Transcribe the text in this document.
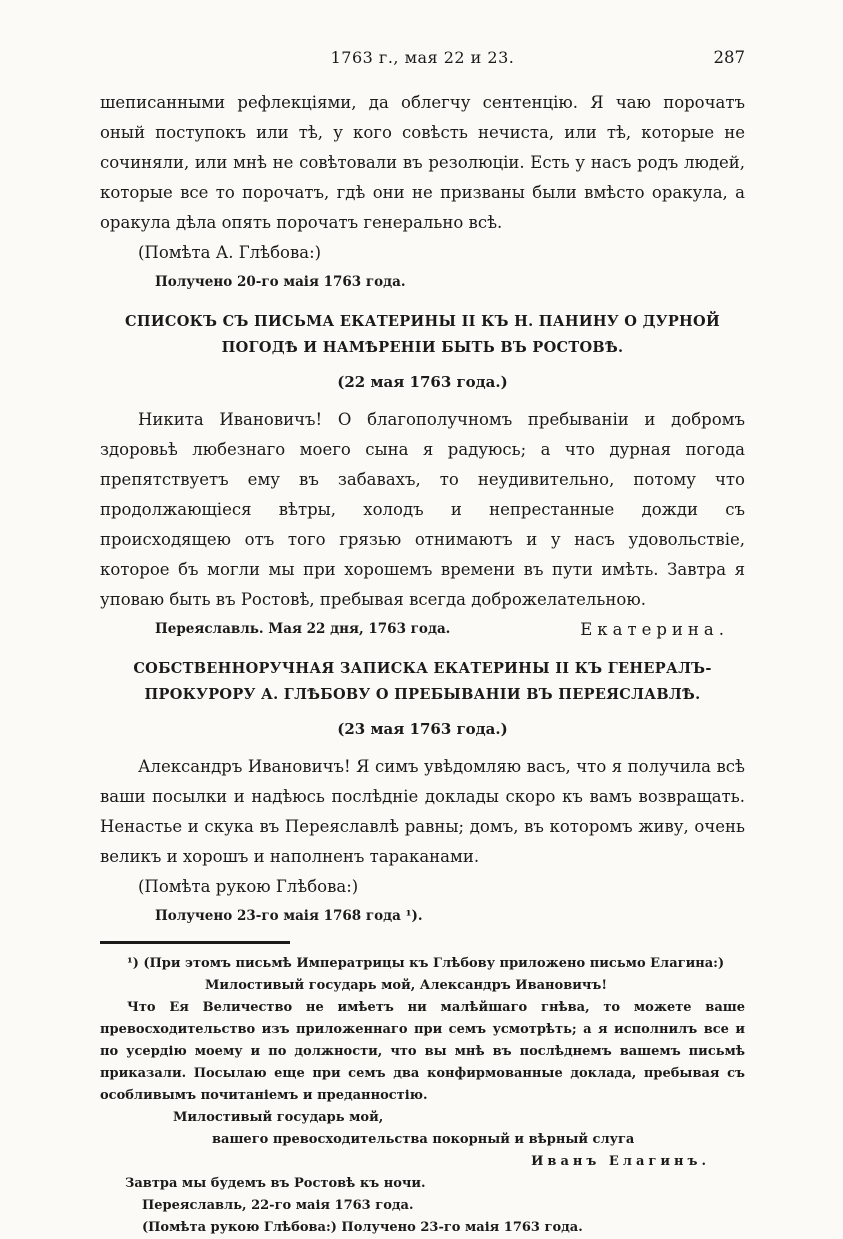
1763 г., мая 22 и 23.	287

шеписанными рефлекціями, да облегчу сентенцію. Я чаю порочатъ оный поступокъ или тѣ, у кого совѣсть нечиста, или тѣ, которые не сочиняли, или мнѣ не совѣтовали въ резолюціи. Есть у насъ родъ людей, которые все то порочатъ, гдѣ они не призваны были вмѣсто оракула, а оракула дѣла опять порочатъ генерально всѣ.

(Помѣта А. Глѣбова:)

Получено 20-го маія 1763 года.

СПИСОКЪ СЪ ПИСЬМА ЕКАТЕРИНЫ II КЪ Н. ПАНИНУ О ДУРНОЙ ПОГОДѢ И НАМѢРЕНІИ БЫТЬ ВЪ РОСТОВѢ.

(22 мая 1763 года.)

Никита Ивановичъ! О благополучномъ пребываніи и добромъ здоровьѣ любезнаго моего сына я радуюсь; а что дурная погода препятствуетъ ему въ забавахъ, то неудивительно, потому что продолжающіеся вѣтры, холодъ и непрестанные дожди съ происходящею отъ того грязью отнимаютъ и у насъ удовольствіе, которое бъ могли мы при хорошемъ времени въ пути имѣть. Завтра я уповаю быть въ Ростовѣ, пребывая всегда доброжелательною.
Екатерина.

Переяславль. Мая 22 дня, 1763 года.

СОБСТВЕННОРУЧНАЯ ЗАПИСКА ЕКАТЕРИНЫ II КЪ ГЕНЕРАЛЪ-ПРОКУРОРУ А. ГЛѢБОВУ О ПРЕБЫВАНІИ ВЪ ПЕРЕЯСЛАВЛѢ.

(23 мая 1763 года.)

Александръ Ивановичъ! Я симъ увѣдомляю васъ, что я получила всѣ ваши посылки и надѣюсь послѣдніе доклады скоро къ вамъ возвращать. Ненастье и скука въ Переяславлѣ равны; домъ, въ которомъ живу, очень великъ и хорошъ и наполненъ тараканами.

(Помѣта рукою Глѣбова:)

Получено 23-го маія 1768 года ¹).

¹) (При этомъ письмѣ Императрицы къ Глѣбову приложено письмо Елагина:)

Милостивый государь мой, Александръ Ивановичъ!

Что Ея Величество не имѣетъ ни малѣйшаго гнѣва, то можете ваше превосходительство изъ приложеннаго при семъ усмотрѣть; а я исполнилъ все и по усердію моему и по должности, что вы мнѣ въ послѣднемъ вашемъ письмѣ приказали. Посылаю еще при семъ два конфирмованные доклада, пребывая съ особливымъ почитаніемъ и преданностію.

Милостивый государь мой,

вашего превосходительства покорный и вѣрный слуга

Иванъ Елагинъ.

Завтра мы будемъ въ Ростовѣ къ ночи.

Переяславль, 22-го маія 1763 года.

(Помѣта рукою Глѣбова:) Получено 23-го маія 1763 года.
